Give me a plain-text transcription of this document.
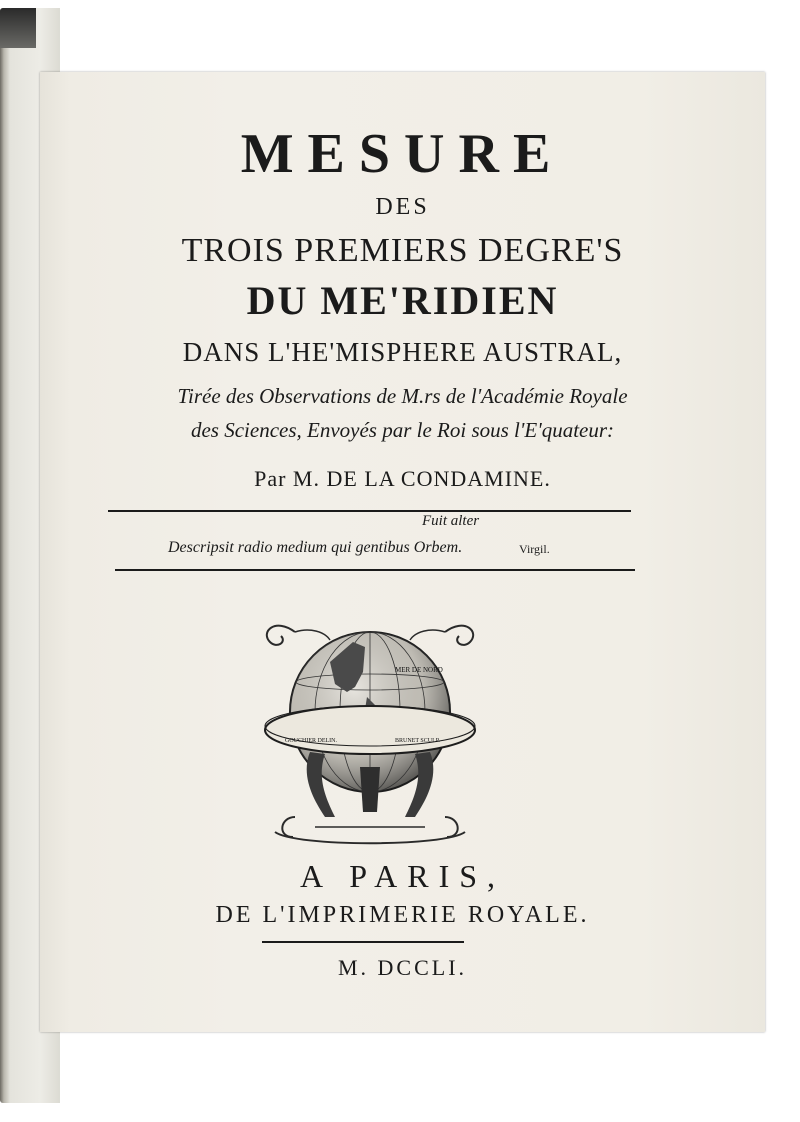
MESURE
DES
TROIS PREMIERS DEGRE'S
DU ME'RIDIEN
DANS L'HE'MISPHERE AUSTRAL,
Tirée des Observations de M.rs de l'Académie Royale
des Sciences, Envoyés par le Roi sous l'E'quateur:
Par M. DE LA CONDAMINE.
Fuit alter
Descripsit radio medium qui gentibus Orbem.	Virgil.
MER DE NORD
GOUCHIER DELIN.	BRUNET SCULP.
A PARIS,
DE L'IMPRIMERIE ROYALE.
M. DCCLI.
